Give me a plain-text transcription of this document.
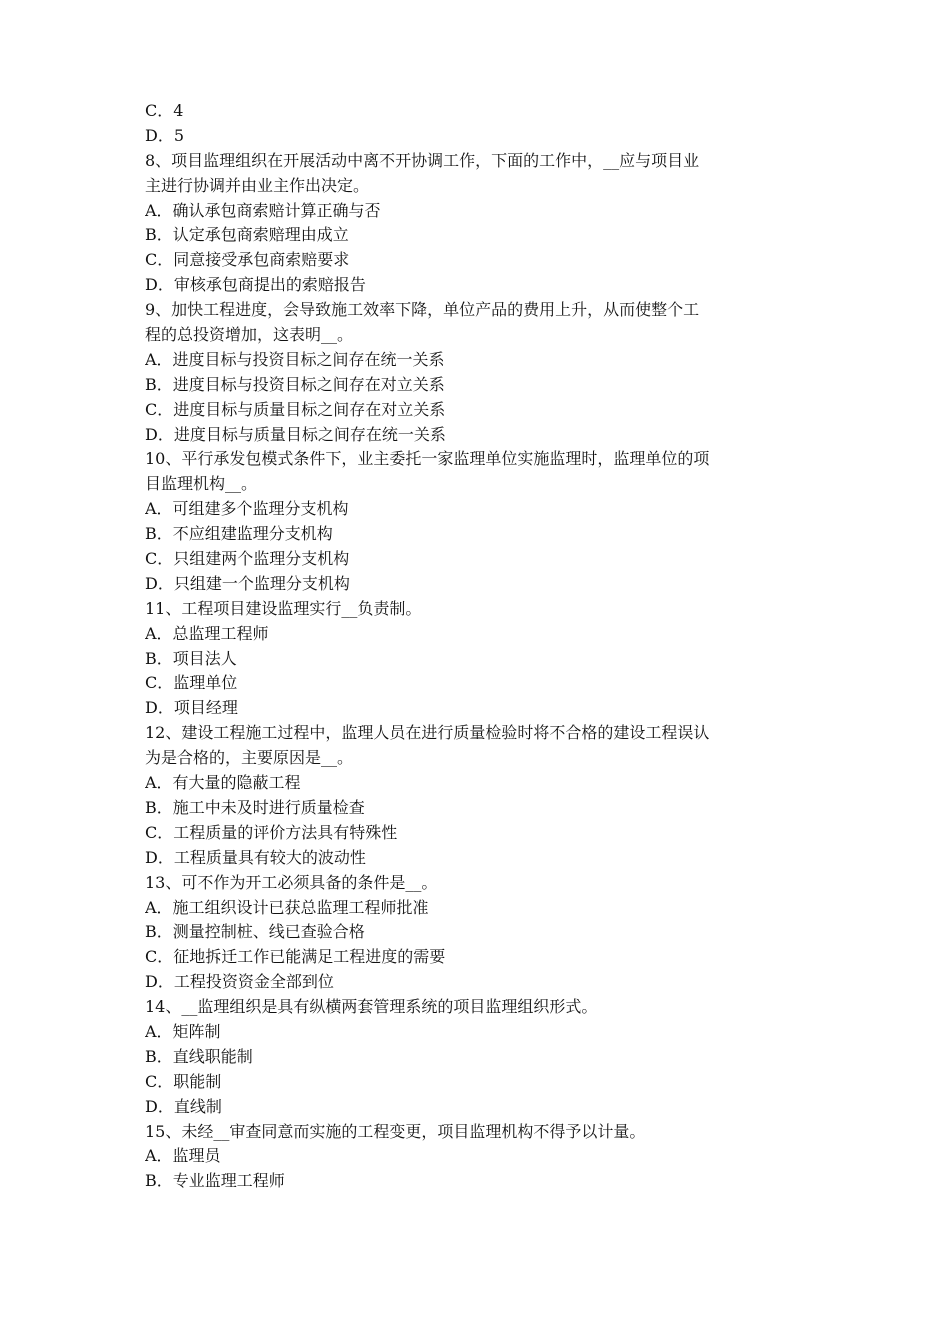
C．4

D．5

8、项目监理组织在开展活动中离不开协调工作，下面的工作中，__应与项目业

主进行协调并由业主作出决定。

A．确认承包商索赔计算正确与否

B．认定承包商索赔理由成立

C．同意接受承包商索赔要求

D．审核承包商提出的索赔报告

9、加快工程进度，会导致施工效率下降，单位产品的费用上升，从而使整个工

程的总投资增加，这表明__。

A．进度目标与投资目标之间存在统一关系

B．进度目标与投资目标之间存在对立关系

C．进度目标与质量目标之间存在对立关系

D．进度目标与质量目标之间存在统一关系

10、平行承发包模式条件下，业主委托一家监理单位实施监理时，监理单位的项

目监理机构__。

A．可组建多个监理分支机构

B．不应组建监理分支机构

C．只组建两个监理分支机构

D．只组建一个监理分支机构

11、工程项目建设监理实行__负责制。

A．总监理工程师

B．项目法人

C．监理单位

D．项目经理

12、建设工程施工过程中，监理人员在进行质量检验时将不合格的建设工程误认

为是合格的，主要原因是__。

A．有大量的隐蔽工程

B．施工中未及时进行质量检查

C．工程质量的评价方法具有特殊性

D．工程质量具有较大的波动性

13、可不作为开工必须具备的条件是__。

A．施工组织设计已获总监理工程师批准

B．测量控制桩、线已查验合格

C．征地拆迁工作已能满足工程进度的需要

D．工程投资资金全部到位

14、__监理组织是具有纵横两套管理系统的项目监理组织形式。

A．矩阵制

B．直线职能制

C．职能制

D．直线制

15、未经__审查同意而实施的工程变更，项目监理机构不得予以计量。

A．监理员

B．专业监理工程师
